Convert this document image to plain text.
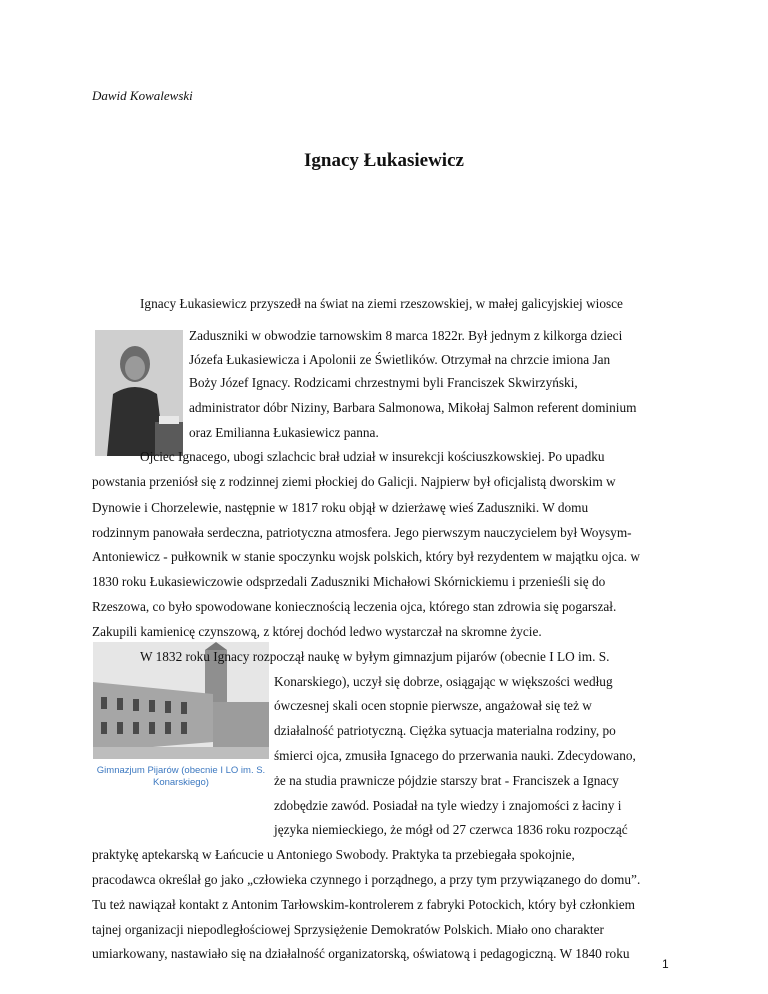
Dawid Kowalewski
Ignacy Łukasiewicz
Gimnazjum Pijarów (obecnie I LO im. S. Konarskiego)
Ignacy Łukasiewicz przyszedł na świat na ziemi rzeszowskiej, w małej galicyjskiej wiosce
Zaduszniki w obwodzie tarnowskim 8 marca 1822r. Był jednym z kilkorga dzieci
Józefa Łukasiewicza i Apolonii ze Świetlików. Otrzymał na chrzcie imiona Jan
Boży Józef Ignacy. Rodzicami chrzestnymi byli Franciszek Skwirzyński,
administrator dóbr Niziny, Barbara Salmonowa, Mikołaj Salmon referent dominium
oraz Emilianna Łukasiewicz panna.
Ojciec Ignacego, ubogi szlachcic brał udział w insurekcji kościuszkowskiej. Po upadku
powstania przeniósł się z rodzinnej ziemi płockiej do Galicji. Najpierw był oficjalistą dworskim w
Dynowie i Chorzelewie, następnie w 1817 roku objął w dzierżawę wieś Zaduszniki. W domu
rodzinnym panowała serdeczna, patriotyczna atmosfera. Jego pierwszym nauczycielem był Woysym-
Antoniewicz - pułkownik w stanie spoczynku wojsk polskich, który był rezydentem w majątku ojca. w
1830 roku Łukasiewiczowie odsprzedali Zaduszniki Michałowi Skórnickiemu i przenieśli się do
Rzeszowa, co było spowodowane koniecznością leczenia ojca, którego stan zdrowia się pogarszał.
Zakupili kamienicę czynszową, z której dochód ledwo wystarczał na skromne życie.
W 1832 roku Ignacy rozpoczął naukę w byłym gimnazjum pijarów (obecnie I LO im. S.
Konarskiego), uczył się dobrze, osiągając w większości według
ówczesnej skali ocen stopnie pierwsze, angażował się też w
działalność patriotyczną. Ciężka sytuacja materialna rodziny, po
śmierci ojca, zmusiła Ignacego do przerwania nauki. Zdecydowano,
że na studia prawnicze pójdzie starszy brat - Franciszek a Ignacy
zdobędzie zawód. Posiadał na tyle wiedzy i znajomości z łaciny i
języka niemieckiego, że mógł od 27 czerwca 1836 roku rozpocząć
praktykę aptekarską w Łańcucie u Antoniego Swobody. Praktyka ta przebiegała spokojnie,
pracodawca określał go jako „człowieka czynnego i porządnego, a przy tym przywiązanego do domu”.
Tu też nawiązał kontakt z Antonim Tarłowskim-kontrolerem z fabryki Potockich, który był członkiem
tajnej organizacji niepodległościowej Sprzysiężenie Demokratów Polskich. Miało ono charakter
umiarkowany, nastawiało się na działalność organizatorską, oświatową i pedagogiczną. W 1840 roku
1
